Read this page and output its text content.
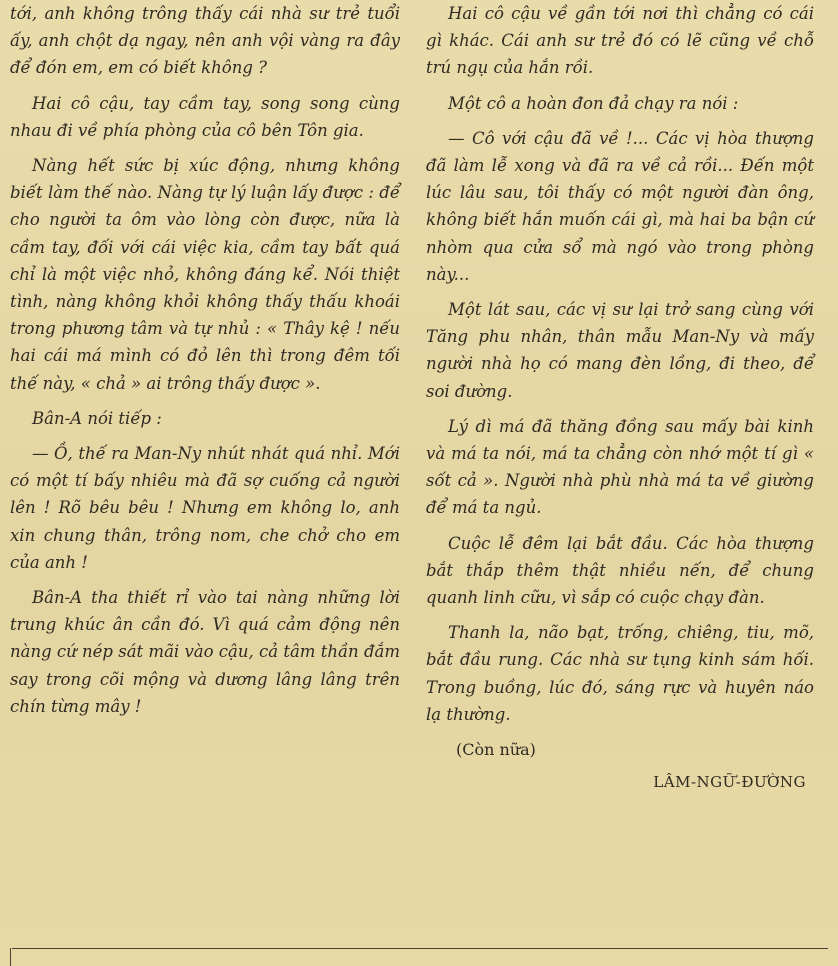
tới, anh không trông thấy cái nhà sư trẻ tuổi ấy, anh chột dạ ngay, nên anh vội vàng ra đây để đón em, em có biết không ?

Hai cô cậu, tay cầm tay, song song cùng nhau đi về phía phòng của cô bên Tôn gia.

Nàng hết sức bị xúc động, nhưng không biết làm thế nào. Nàng tự lý luận lấy được : để cho người ta ôm vào lòng còn được, nữa là cầm tay, đối với cái việc kia, cầm tay bất quá chỉ là một việc nhỏ, không đáng kể. Nói thiệt tình, nàng không khỏi không thấy thấu khoái trong phương tâm và tự nhủ : « Thây kệ ! nếu hai cái má mình có đỏ lên thì trong đêm tối thế này, « chả » ai trông thấy được ».

Bân-A nói tiếp :

— Ồ, thế ra Man-Ny nhút nhát quá nhỉ. Mới có một tí bấy nhiêu mà đã sợ cuống cả người lên ! Rõ bêu bêu ! Nhưng em không lo, anh xin chung thân, trông nom, che chở cho em của anh !

Bân-A tha thiết rỉ vào tai nàng những lời trung khúc ân cần đó. Vì quá cảm động nên nàng cứ nép sát mãi vào cậu, cả tâm thần đắm say trong cõi mộng và dương lâng lâng trên chín từng mây !

Hai cô cậu về gần tới nơi thì chẳng có cái gì khác. Cái anh sư trẻ đó có lẽ cũng về chỗ trú ngụ của hắn rồi.

Một cô a hoàn đon đả chạy ra nói :

— Cô với cậu đã về !... Các vị hòa thượng đã làm lễ xong và đã ra về cả rồi... Đến một lúc lâu sau, tôi thấy có một người đàn ông, không biết hắn muốn cái gì, mà hai ba bận cứ nhòm qua cửa sổ mà ngó vào trong phòng này...

Một lát sau, các vị sư lại trở sang cùng với Tăng phu nhân, thân mẫu Man-Ny và mấy người nhà họ có mang đèn lồng, đi theo, để soi đường.

Lý dì má đã thăng đồng sau mấy bài kinh và má ta nói, má ta chẳng còn nhớ một tí gì « sốt cả ». Người nhà phù nhà má ta về giường để má ta ngủ.

Cuộc lễ đêm lại bắt đầu. Các hòa thượng bắt thắp thêm thật nhiều nến, để chung quanh linh cữu, vì sắp có cuộc chạy đàn.

Thanh la, não bạt, trống, chiêng, tiu, mõ, bắt đầu rung. Các nhà sư tụng kinh sám hối. Trong buồng, lúc đó, sáng rực và huyên náo lạ thường.

(Còn nữa)

LÂM-NGỮ-ĐƯỜNG
